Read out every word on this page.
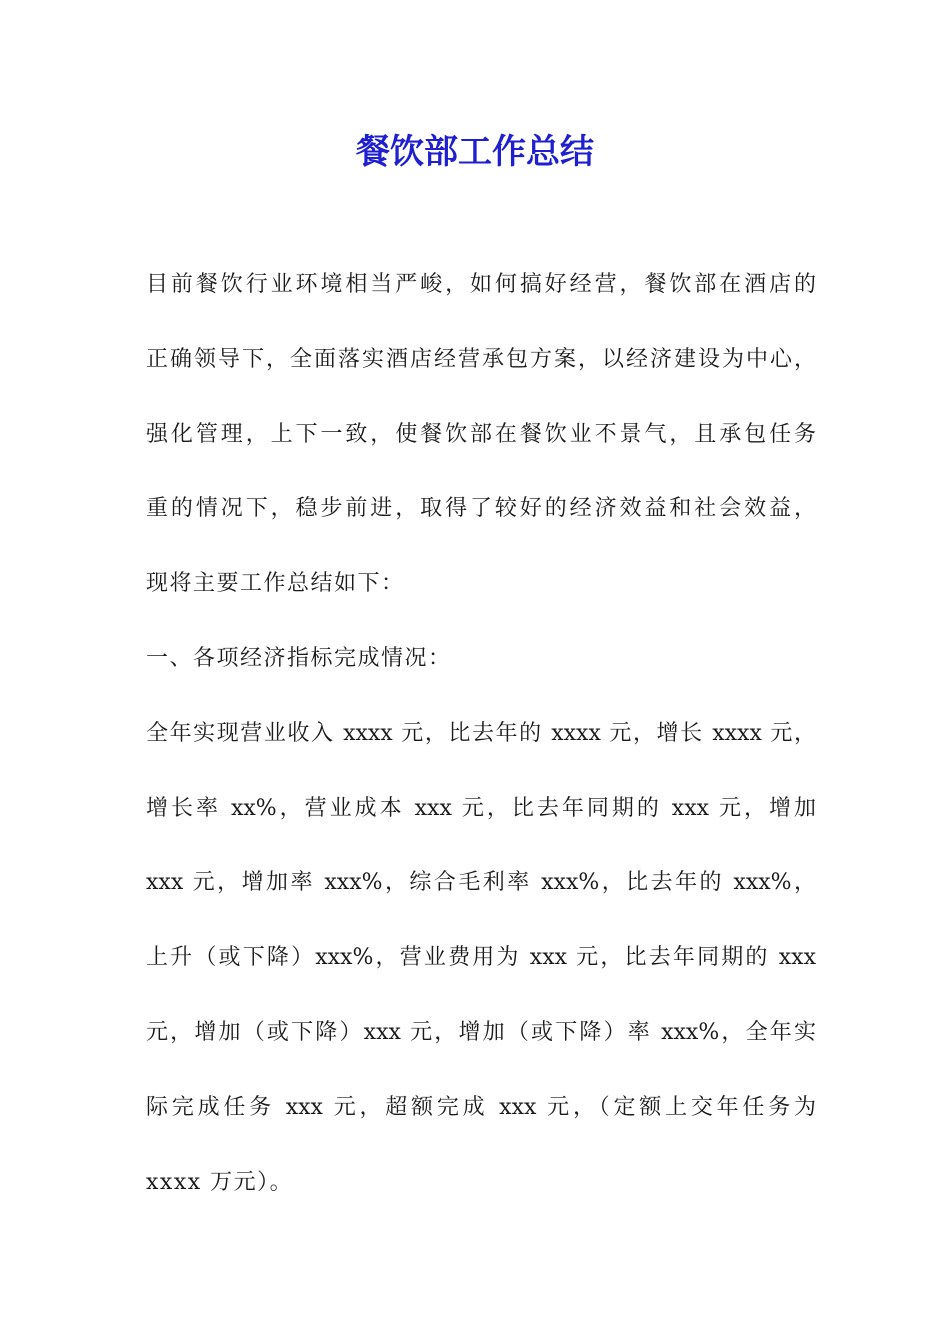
餐饮部工作总结
目前餐饮行业环境相当严峻，如何搞好经营，餐饮部在酒店的
正确领导下，全面落实酒店经营承包方案，以经济建设为中心，
强化管理，上下一致，使餐饮部在餐饮业不景气，且承包任务
重的情况下，稳步前进，取得了较好的经济效益和社会效益，
现将主要工作总结如下：
一、各项经济指标完成情况：
全年实现营业收入 xxxx 元，比去年的 xxxx 元，增长 xxxx 元，
增长率 xx%，营业成本 xxx 元，比去年同期的 xxx 元，增加
xxx 元，增加率 xxx%，综合毛利率 xxx%，比去年的 xxx%，
上升（或下降）xxx%，营业费用为 xxx 元，比去年同期的 xxx
元，增加（或下降）xxx 元，增加（或下降）率 xxx%，全年实
际完成任务 xxx 元，超额完成 xxx 元，（定额上交年任务为
xxxx 万元）。
